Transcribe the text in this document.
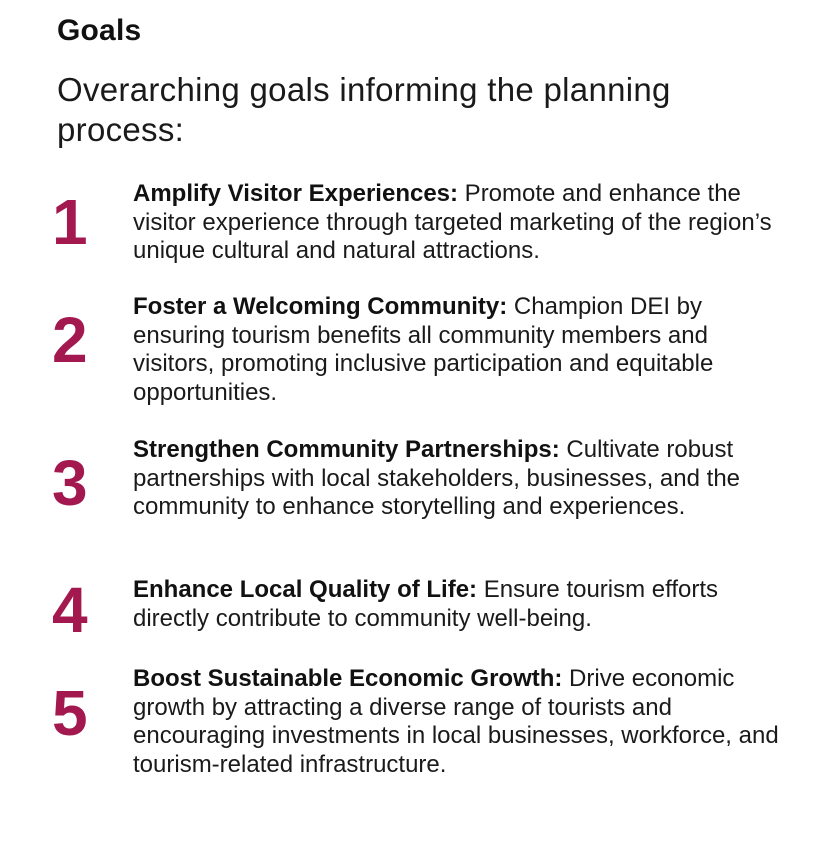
Goals

Overarching goals informing the planning process:

1	Amplify Visitor Experiences: Promote and enhance the visitor experience through targeted marketing of the region’s unique cultural and natural attractions.

2	Foster a Welcoming Community: Champion DEI by ensuring tourism benefits all community members and visitors, promoting inclusive participation and equitable opportunities.

3	Strengthen Community Partnerships: Cultivate robust partnerships with local stakeholders, businesses, and the community to enhance storytelling and experiences.

4	Enhance Local Quality of Life: Ensure tourism efforts directly contribute to community well-being.

5	Boost Sustainable Economic Growth: Drive economic growth by attracting a diverse range of tourists and encouraging investments in local businesses, workforce, and tourism-related infrastructure.
